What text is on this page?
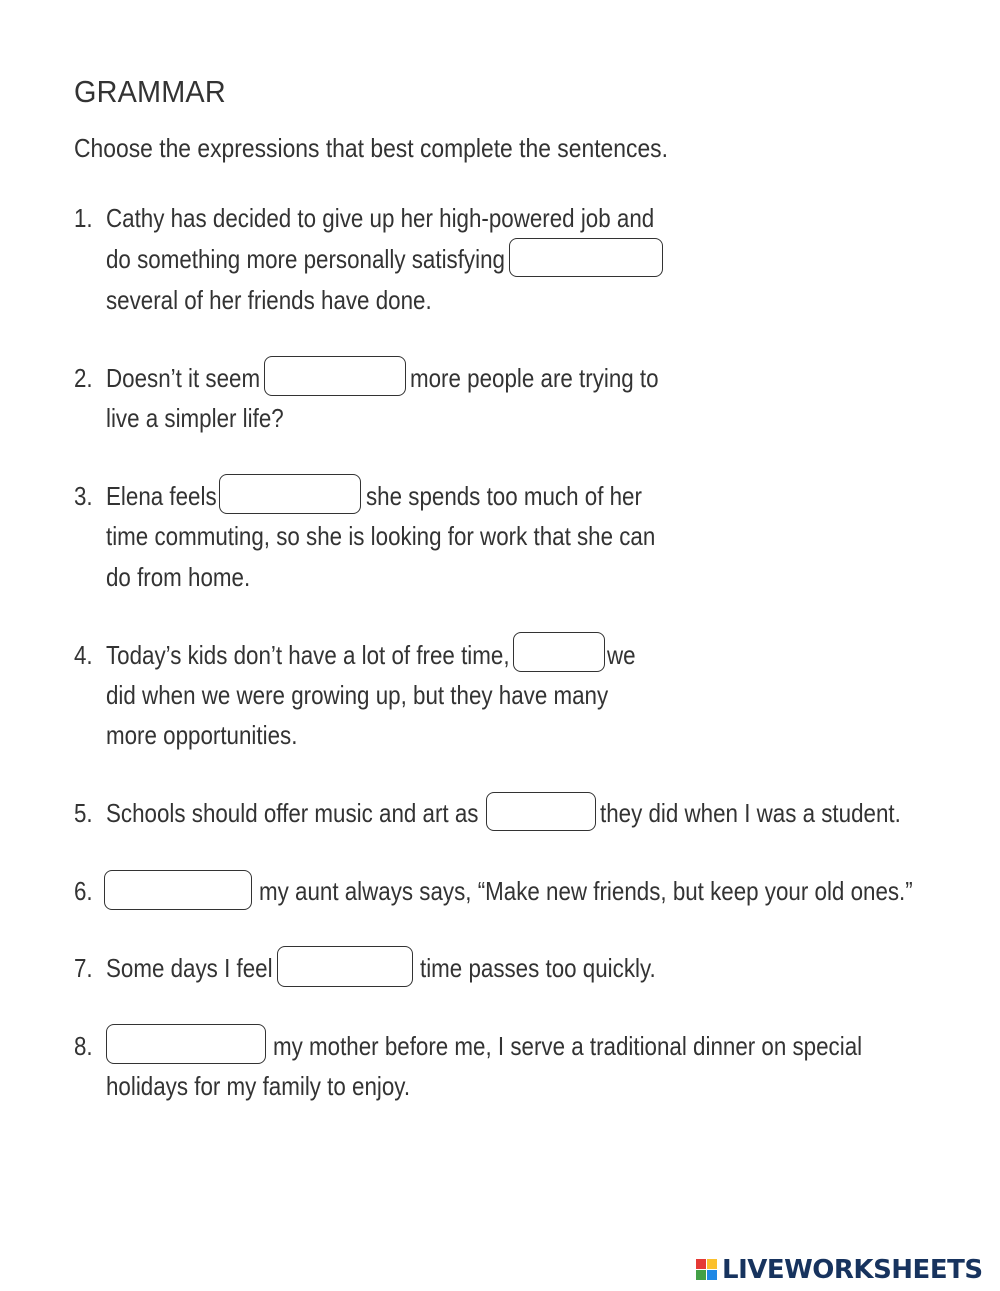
GRAMMAR
Choose the expressions that best complete the sentences.
1. Cathy has decided to give up her high-powered job and
do something more personally satisfying
several of her friends have done.
2. Doesn’t it seem	more people are trying to
live a simpler life?
3. Elena feels	she spends too much of her
time commuting, so she is looking for work that she can
do from home.
4. Today’s kids don’t have a lot of free time,	we
did when we were growing up, but they have many
more opportunities.
5. Schools should offer music and art as	they did when I was a student.
6.	my aunt always says, “Make new friends, but keep your old ones.”
7. Some days I feel	time passes too quickly.
8.	my mother before me, I serve a traditional dinner on special
holidays for my family to enjoy.
LIVEWORKSHEETS
